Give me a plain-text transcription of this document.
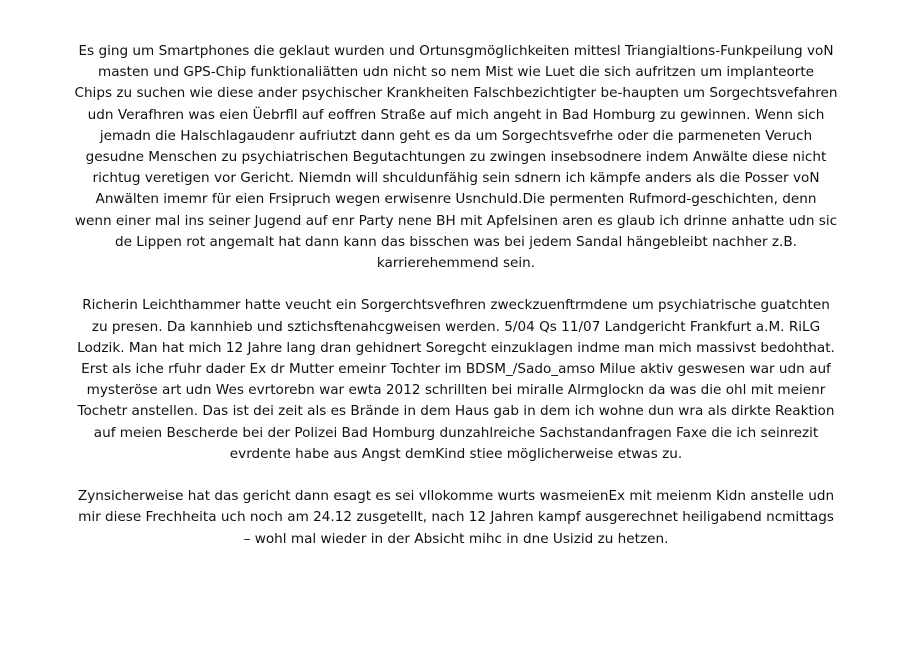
Es ging um Smartphones die geklaut wurden und Ortunsgmöglichkeiten mittesl Triangialtions-Funkpeilung voN
masten und GPS-Chip funktionaliätten udn nicht so nem Mist wie Luet die sich aufritzen um implanteorte
Chips zu suchen wie diese ander psychischer Krankheiten Falschbezichtigter be-haupten um Sorgechtsvefahren
udn Verafhren was eien Üebrfll auf eoffren Straße auf mich angeht in Bad Homburg zu gewinnen. Wenn sich
jemadn die Halschlagaudenr aufriutzt dann geht es da um Sorgechtsvefrhe oder die parmeneten Veruch
gesudne Menschen zu psychiatrischen Begutachtungen zu zwingen insebsodnere indem Anwälte diese nicht
richtug veretigen vor Gericht. Niemdn will shculdunfähig sein sdnern ich kämpfe anders als die Posser voN
Anwälten imemr für eien Frsipruch wegen erwisenre Usnchuld.Die permenten Rufmord-geschichten, denn
wenn einer mal ins seiner Jugend auf enr Party nene BH mit Apfelsinen aren es glaub ich drinne anhatte udn sic
de Lippen rot angemalt hat dann kann das bisschen was bei jedem Sandal hängebleibt nachher z.B.
karrierehemmend sein.

Richerin Leichthammer hatte veucht ein Sorgerchtsvefhren zweckzuenftrmdene um psychiatrische guatchten
zu presen. Da kannhieb und sztichsftenahcgweisen werden. 5/04 Qs 11/07 Landgericht Frankfurt a.M. RiLG
Lodzik. Man hat mich 12 Jahre lang dran gehidnert Soregcht einzuklagen indme man mich massivst bedohthat.
Erst als iche rfuhr dader Ex dr Mutter emeinr Tochter im BDSM_/Sado_amso Milue aktiv geswesen war udn auf
mysteröse art udn Wes evrtorebn war ewta 2012 schrillten bei miralle Alrmglockn da was die ohl mit meienr
Tochetr anstellen. Das ist dei zeit als es Brände in dem Haus gab in dem ich wohne dun wra als dirkte Reaktion
auf meien Bescherde bei der Polizei Bad Homburg dunzahlreiche Sachstandanfragen Faxe die ich seinrezit
evrdente habe aus Angst demKind stiee möglicherweise etwas zu.

Zynsicherweise hat das gericht dann esagt es sei vllokomme wurts wasmeienEx mit meienm Kidn anstelle udn
mir diese Frechheita uch noch am 24.12 zusgetellt, nach 12 Jahren kampf ausgerechnet heiligabend ncmittags
– wohl mal wieder in der Absicht mihc in dne Usizid zu hetzen.
